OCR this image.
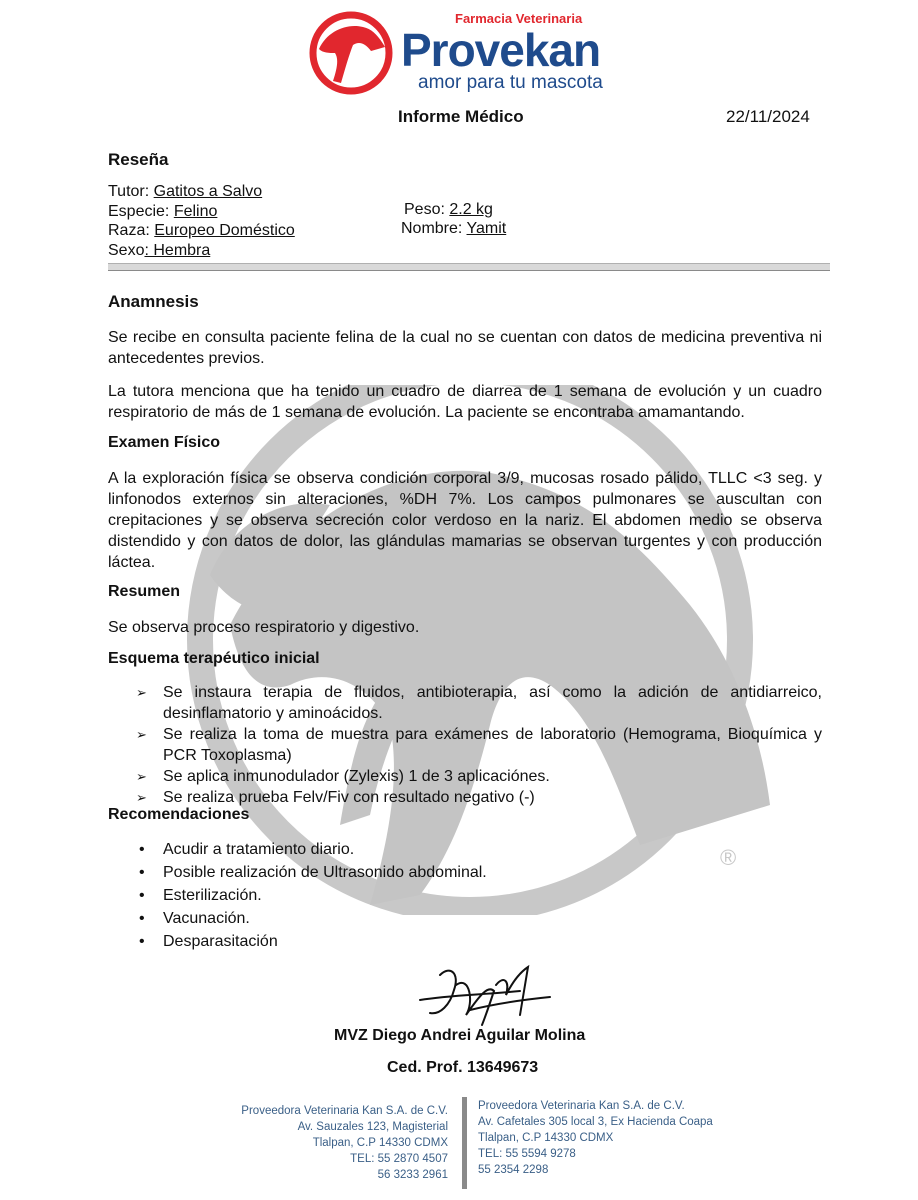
®
Farmacia Veterinaria
Provekan
amor para tu mascota
Informe Médico	22/11/2024
Reseña
Tutor: Gatitos a Salvo
Especie: Felino
Raza: Europeo Doméstico
Sexo: Hembra
Peso: 2.2 kg
Nombre: Yamit
Anamnesis

Se recibe en consulta paciente felina de la cual no se cuentan con datos de medicina preventiva ni antecedentes previos.

La tutora menciona que ha tenido un cuadro de diarrea de 1 semana de evolución y un cuadro respiratorio de más de 1 semana de evolución. La paciente se encontraba amamantando.

Examen Físico

A la exploración física se observa condición corporal 3/9, mucosas rosado pálido, TLLC <3 seg. y linfonodos externos sin alteraciones, %DH 7%. Los campos pulmonares se auscultan con crepitaciones y se observa secreción color verdoso en la nariz. El abdomen medio se observa distendido y con datos de dolor, las glándulas mamarias se observan turgentes y con producción láctea.

Resumen

Se observa proceso respiratorio y digestivo.

Esquema terapéutico inicial
➢ Se instaura terapia de fluidos, antibioterapia, así como la adición de antidiarreico, desinflamatorio y aminoácidos.
➢ Se realiza la toma de muestra para exámenes de laboratorio (Hemograma, Bioquímica y PCR Toxoplasma)
➢ Se aplica inmunodulador (Zylexis) 1 de 3 aplicaciónes.
➢ Se realiza prueba Felv/Fiv con resultado negativo (-)
Recomendaciones
• Acudir a tratamiento diario.
• Posible realización de Ultrasonido abdominal.
• Esterilización.
• Vacunación.
• Desparasitación
MVZ Diego Andrei Aguilar Molina
Ced. Prof. 13649673
Proveedora Veterinaria Kan S.A. de C.V.
Av. Sauzales 123, Magisterial
Tlalpan, C.P 14330 CDMX
TEL: 55 2870 4507
56 3233 2961
Proveedora Veterinaria Kan S.A. de C.V.
Av. Cafetales 305 local 3, Ex Hacienda Coapa
Tlalpan, C.P 14330 CDMX
TEL: 55 5594 9278
55 2354 2298
